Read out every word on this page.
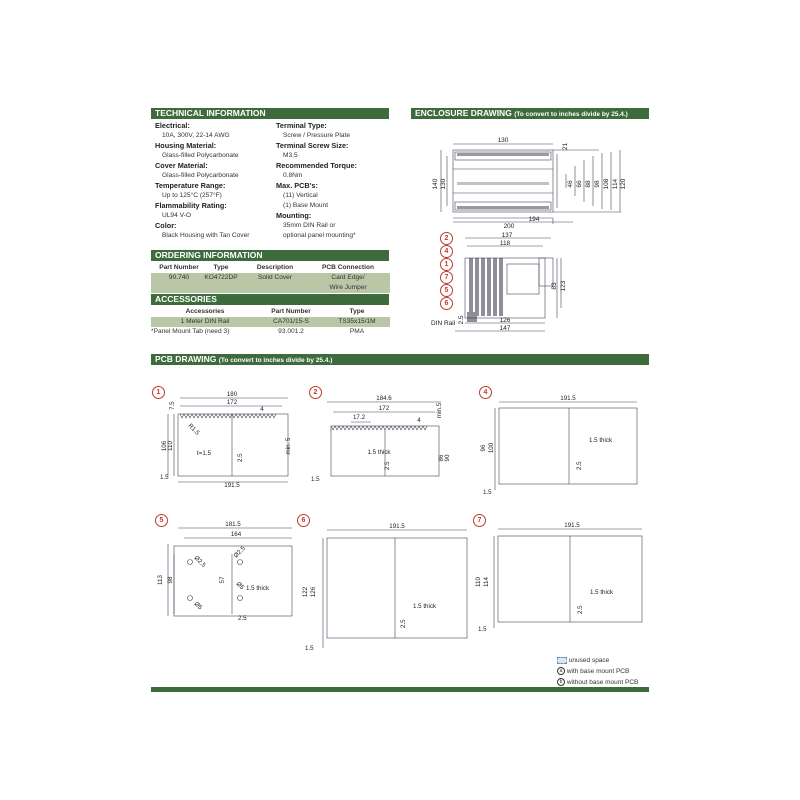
TECHNICAL INFORMATION
Electrical:
10A, 300V, 22-14 AWG
Housing Material:
Glass-filled Polycarbonate
Cover Material:
Glass-filled Polycarbonate
Temperature Range:
Up to 125°C (257°F)
Flammability Rating:
UL94 V-O
Color:
Black Housing with Tan Cover
Terminal Type:
Screw / Pressure Plate
Terminal Screw Size:
M3.5
Recommended Torque:
0.8Nm
Max. PCB's:
(11) Vertical
(1) Base Mount
Mounting:
35mm DIN Rail or
optional panel mounting*
ORDERING INFORMATION
Part Number	Type	Description	PCB Connection
90.740	KO4722DP	Solid Cover	Card Edge/
Wire Jumper
ACCESSORIES
Accessories	Part Number	Type
1 Meter DIN Rail	CA701/15-S	TS35x15/1M
*Panel Mount Tab (need 3)	93.001.2	PMA
ENCLOSURE DRAWING (To convert to inches divide by 25.4.)
130
140 130
21
46 66 88 98 108 114 120
200
194
137
118
83 123
2.5	126
147
DIN Rail
2
4
1
7
5
6
PCB DRAWING (To convert to inches divide by 25.4.)
1	180
172
4
7.5
R1.5
min. 5
106 110
t=1.5	2.5
1.5
191.5
2
184.6
172
17.2	4
min.5
1.5 thick
2.5
86 90
1.5
4
191.5
96 100
1.5 thick
2.5
1.5
5
181.5
164
113 98	57
Ø2.5
Ø2.5
Ø5
Ø5 1.5 thick
2.5
6
191.5
122 126
1.5 thick
2.5
1.5
7
191.5
110 114
1.5 thick
2.5
1.5
unused space
a with base mount PCB
b without base mount PCB
